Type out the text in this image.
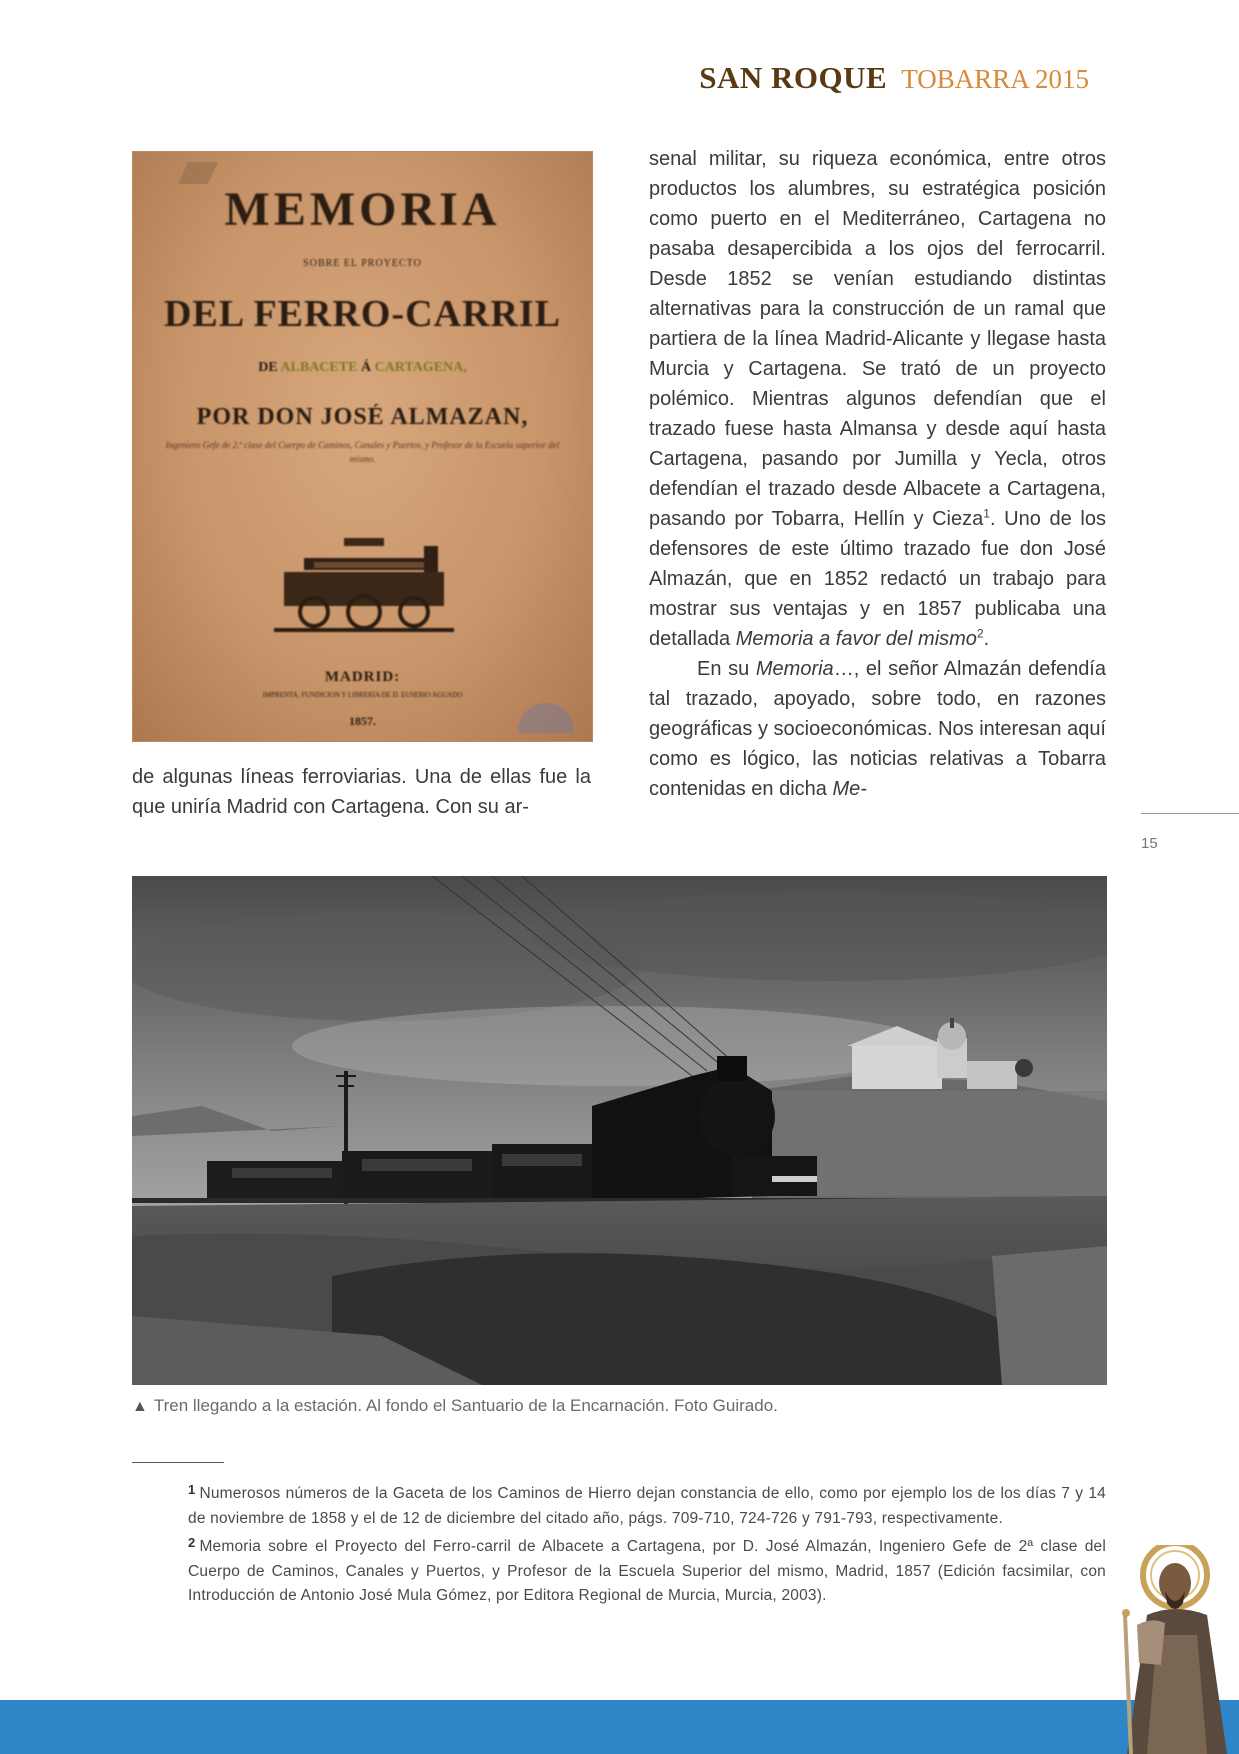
SAN ROQUE TOBARRA 2015
MEMORIA
SOBRE EL PROYECTO
DEL FERRO-CARRIL
DE ALBACETE Á CARTAGENA,
POR DON JOSÉ ALMAZAN,
Ingeniero Gefe de 2.ª clase del Cuerpo de Caminos, Canales y Puertos, y Profesor de la Escuela superior del mismo.
MADRID:
IMPRENTA, FUNDICION Y LIBRERÍA DE D. EUSEBIO AGUADO
1857.

de algunas líneas ferroviarias. Una de ellas fue la que uniría Madrid con Cartagena. Con su ar-

senal militar, su riqueza económica, entre otros productos los alumbres, su estratégica posición como puerto en el Mediterráneo, Cartagena no pasaba desapercibida a los ojos del ferrocarril. Desde 1852 se venían estudiando distintas alternativas para la construcción de un ramal que partiera de la línea Madrid-Alicante y llegase hasta Murcia y Cartagena. Se trató de un proyecto polémico. Mientras algunos defendían que el trazado fuese hasta Almansa y desde aquí hasta Cartagena, pasando por Jumilla y Yecla, otros defendían el trazado desde Albacete a Cartagena, pasando por Tobarra, Hellín y Cieza$^1$. Uno de los defensores de este último trazado fue don José Almazán, que en 1852 redactó un trabajo para mostrar sus ventajas y en 1857 publicaba una detallada Memoria a favor del mismo$^2$.

En su Memoria…, el señor Almazán defendía tal trazado, apoyado, sobre todo, en razones geográficas y socioeconómicas. Nos interesan aquí como es lógico, las noticias relativas a Tobarra contenidas en dicha Me-

15
▲ Tren llegando a la estación. Al fondo el Santuario de la Encarnación. Foto Guirado.

$^1$ Numerosos números de la Gaceta de los Caminos de Hierro dejan constancia de ello, como por ejemplo los de los días 7 y 14 de noviembre de 1858 y el de 12 de diciembre del citado año, págs. 709-710, 724-726 y 791-793, respectivamente.

$^2$ Memoria sobre el Proyecto del Ferro-carril de Albacete a Cartagena, por D. José Almazán, Ingeniero Gefe de 2ª clase del Cuerpo de Caminos, Canales y Puertos, y Profesor de la Escuela Superior del mismo, Madrid, 1857 (Edición facsimilar, con Introducción de Antonio José Mula Gómez, por Editora Regional de Murcia, Murcia, 2003).
